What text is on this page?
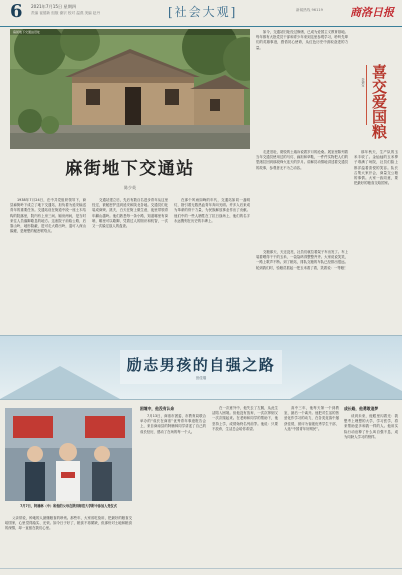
6 2021年7月15日 星期四
责编 崔德新 组版 谢宗 校对 温燕 美编 赵丹	[社会大观]	新闻热线 96119 商洛日报
麻街地下交通站旧址
麻街地下交通站
陈少英

1938年7月24日，在中共党组织领导下，商县麻街岭下成立了地下交通站，担负着为延安输送青年的重要任务。交通站设在街道中段一座土木结构的院落里，院内有上房三间、厢房两间，是当时来往人员落脚歇息的地方。这座院子前临公路，后靠山岭，地形隐蔽，进可走大路出岭，退可入深山躲避，是理想的秘密联络点。

交通站建立后，先后有数百名进步青年从这里经过，被秘密护送到延安和陕北各地。交通员们化装成商贩、挑夫，白天在街上做生意，夜里带领青年翻山越岭。他们熟悉每一条小路，知道哪里有岗哨，哪里可以歇脚，凭着过人的胆识和机智，一次又一次躲过敌人的盘查。

在那个风雨如晦的年代，交通站如同一盏明灯，指引着无数热血青年奔向光明。许多人后来成为革命的骨干力量，为民族解放事业作出了贡献。他们中的一些人牺牲在了抗日战场上，他们的名字永远镌刻在历史的丰碑上。

如今，交通站旧址经过修缮，已成为爱国主义教育基地。每年都有大批党员干部和青少年来到这里参观学习，聆听先辈们的英雄事迹，感悟初心使命，从红色历史中汲取奋进的力量。

走进旧址，斑驳的土墙诉说着岁月的沧桑。展室里陈列着当年交通员使用过的马灯、扁担和草鞋，一件件实物把人们的思绪拉回到那段烽火连天的岁月。讲解员动情地讲述着交通员的故事，参观者无不为之动容。

喜交爱国粮
李德宝

那年秋天，生产队的玉米丰收了。金灿灿的玉米棒子堆满了场院，社员们脸上都洋溢着喜悦的笑容。队长召集大家开会，商量交公粮的事情。大家一致同意，要把最好的粮食交给国家。

交粮那天，天还没亮，社员们就拉着架子车出发了。车上装着晒得干干的玉米，一袋袋码得整整齐齐。大家说说笑笑，一路上歌声不断。到了粮站，排队交粮的车队已经排出很远。轮到我们时，验粮员抓起一把玉米看了看，笑着说：一等粮！

励志男孩的自强之路
田佳瑞
7月7日，阿楠林（中）和他的父母在陕西师范大学附中参加入党仪式
困境中，他没有认命

7月13日，商洛市团委、市教育局联合举办的“成长在商洛”优秀青年事迹报告会上，来自商南县的阿楠林同学讲述了自己的成长经历，感动了在场的每一个人。

在一次意外中，他失去了左腿，从此生活陷入困境。但他没有放弃，一次次摔倒又一次次爬起来。在老师和同学的帮助下，他坚持上学，成绩始终名列前茅。他说：只要不放弃，生活总会给你希望。

高中三年，他每天第一个到教室，最后一个离开。他把对生活的热爱化作学习的动力，在各类竞赛中屡获佳绩，被评为省级优秀学生干部，入选“中国青年好网民”。

成长路，他勇敢追梦

谈到未来，他眼里闪着光：我想考上理想的大学，学习医学，将来帮助更多和我一样的人。他用实际行动诠释了什么叫自强不息，成为同龄人学习的榜样。

父亲常说，种地的人最懂粮食的珍贵。那些年，大家省吃俭用，把最好的粮食交给国家，心里觉得踏实、光荣。如今日子好了，粮食不再紧缺，但那份对土地和粮食的深情，却一直留在我们心里。
